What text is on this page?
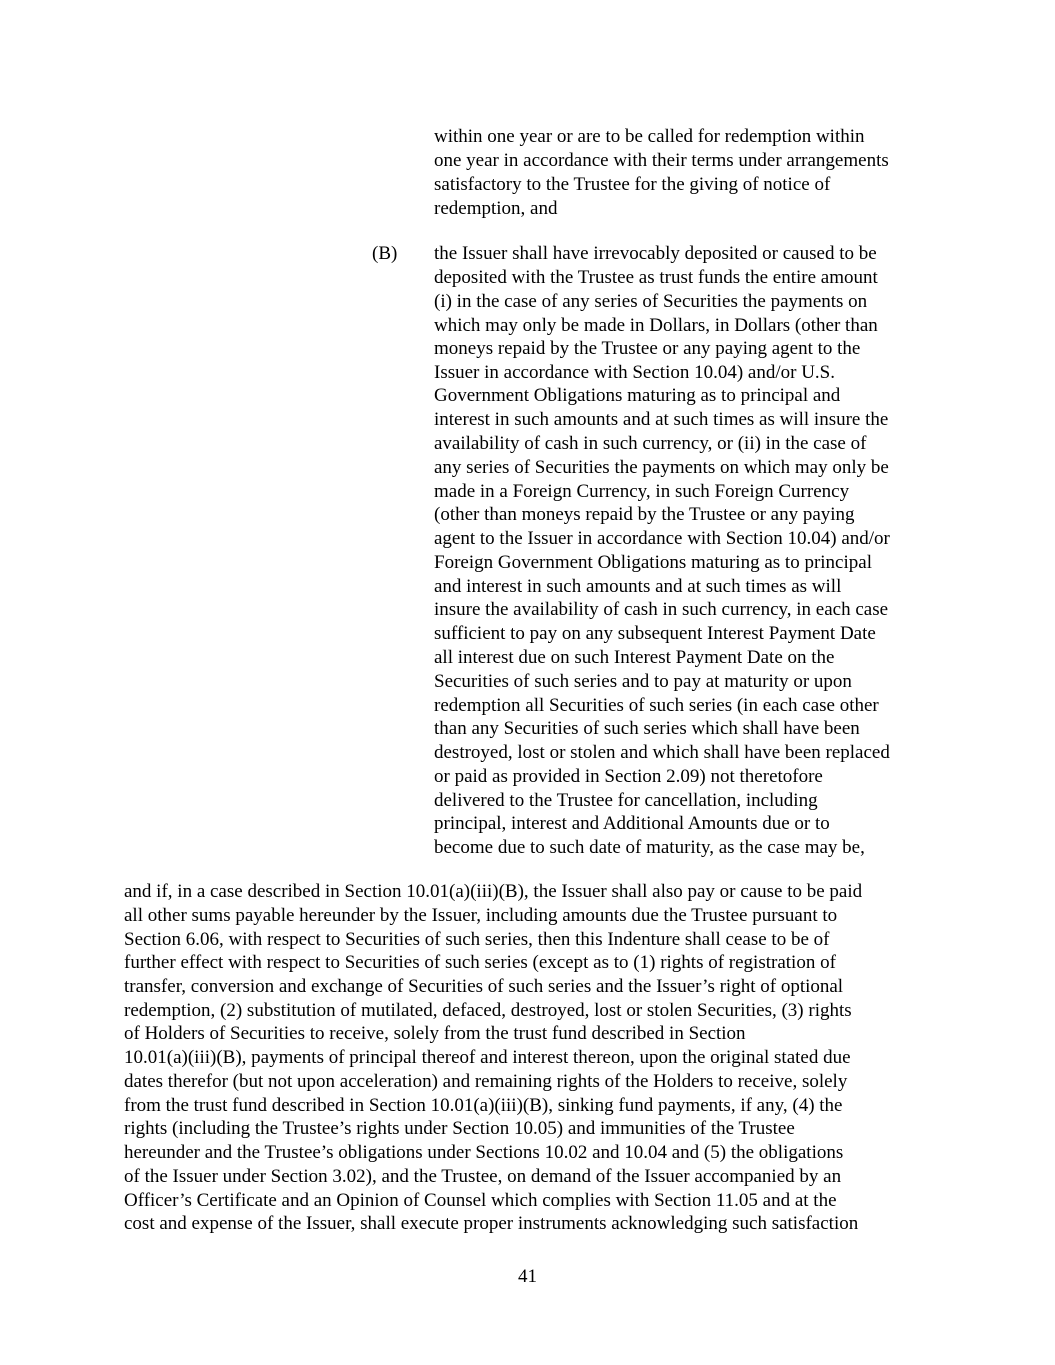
within one year or are to be called for redemption within
one year in accordance with their terms under arrangements
satisfactory to the Trustee for the giving of notice of
redemption, and
(B) the Issuer shall have irrevocably deposited or caused to be
deposited with the Trustee as trust funds the entire amount
(i) in the case of any series of Securities the payments on
which may only be made in Dollars, in Dollars (other than
moneys repaid by the Trustee or any paying agent to the
Issuer in accordance with Section 10.04) and/or U.S.
Government Obligations maturing as to principal and
interest in such amounts and at such times as will insure the
availability of cash in such currency, or (ii) in the case of
any series of Securities the payments on which may only be
made in a Foreign Currency, in such Foreign Currency
(other than moneys repaid by the Trustee or any paying
agent to the Issuer in accordance with Section 10.04) and/or
Foreign Government Obligations maturing as to principal
and interest in such amounts and at such times as will
insure the availability of cash in such currency, in each case
sufficient to pay on any subsequent Interest Payment Date
all interest due on such Interest Payment Date on the
Securities of such series and to pay at maturity or upon
redemption all Securities of such series (in each case other
than any Securities of such series which shall have been
destroyed, lost or stolen and which shall have been replaced
or paid as provided in Section 2.09) not theretofore
delivered to the Trustee for cancellation, including
principal, interest and Additional Amounts due or to
become due to such date of maturity, as the case may be,
and if, in a case described in Section 10.01(a)(iii)(B), the Issuer shall also pay or cause to be paid
all other sums payable hereunder by the Issuer, including amounts due the Trustee pursuant to
Section 6.06, with respect to Securities of such series, then this Indenture shall cease to be of
further effect with respect to Securities of such series (except as to (1) rights of registration of
transfer, conversion and exchange of Securities of such series and the Issuer’s right of optional
redemption, (2) substitution of mutilated, defaced, destroyed, lost or stolen Securities, (3) rights
of Holders of Securities to receive, solely from the trust fund described in Section
10.01(a)(iii)(B), payments of principal thereof and interest thereon, upon the original stated due
dates therefor (but not upon acceleration) and remaining rights of the Holders to receive, solely
from the trust fund described in Section 10.01(a)(iii)(B), sinking fund payments, if any, (4) the
rights (including the Trustee’s rights under Section 10.05) and immunities of the Trustee
hereunder and the Trustee’s obligations under Sections 10.02 and 10.04 and (5) the obligations
of the Issuer under Section 3.02), and the Trustee, on demand of the Issuer accompanied by an
Officer’s Certificate and an Opinion of Counsel which complies with Section 11.05 and at the
cost and expense of the Issuer, shall execute proper instruments acknowledging such satisfaction
41
